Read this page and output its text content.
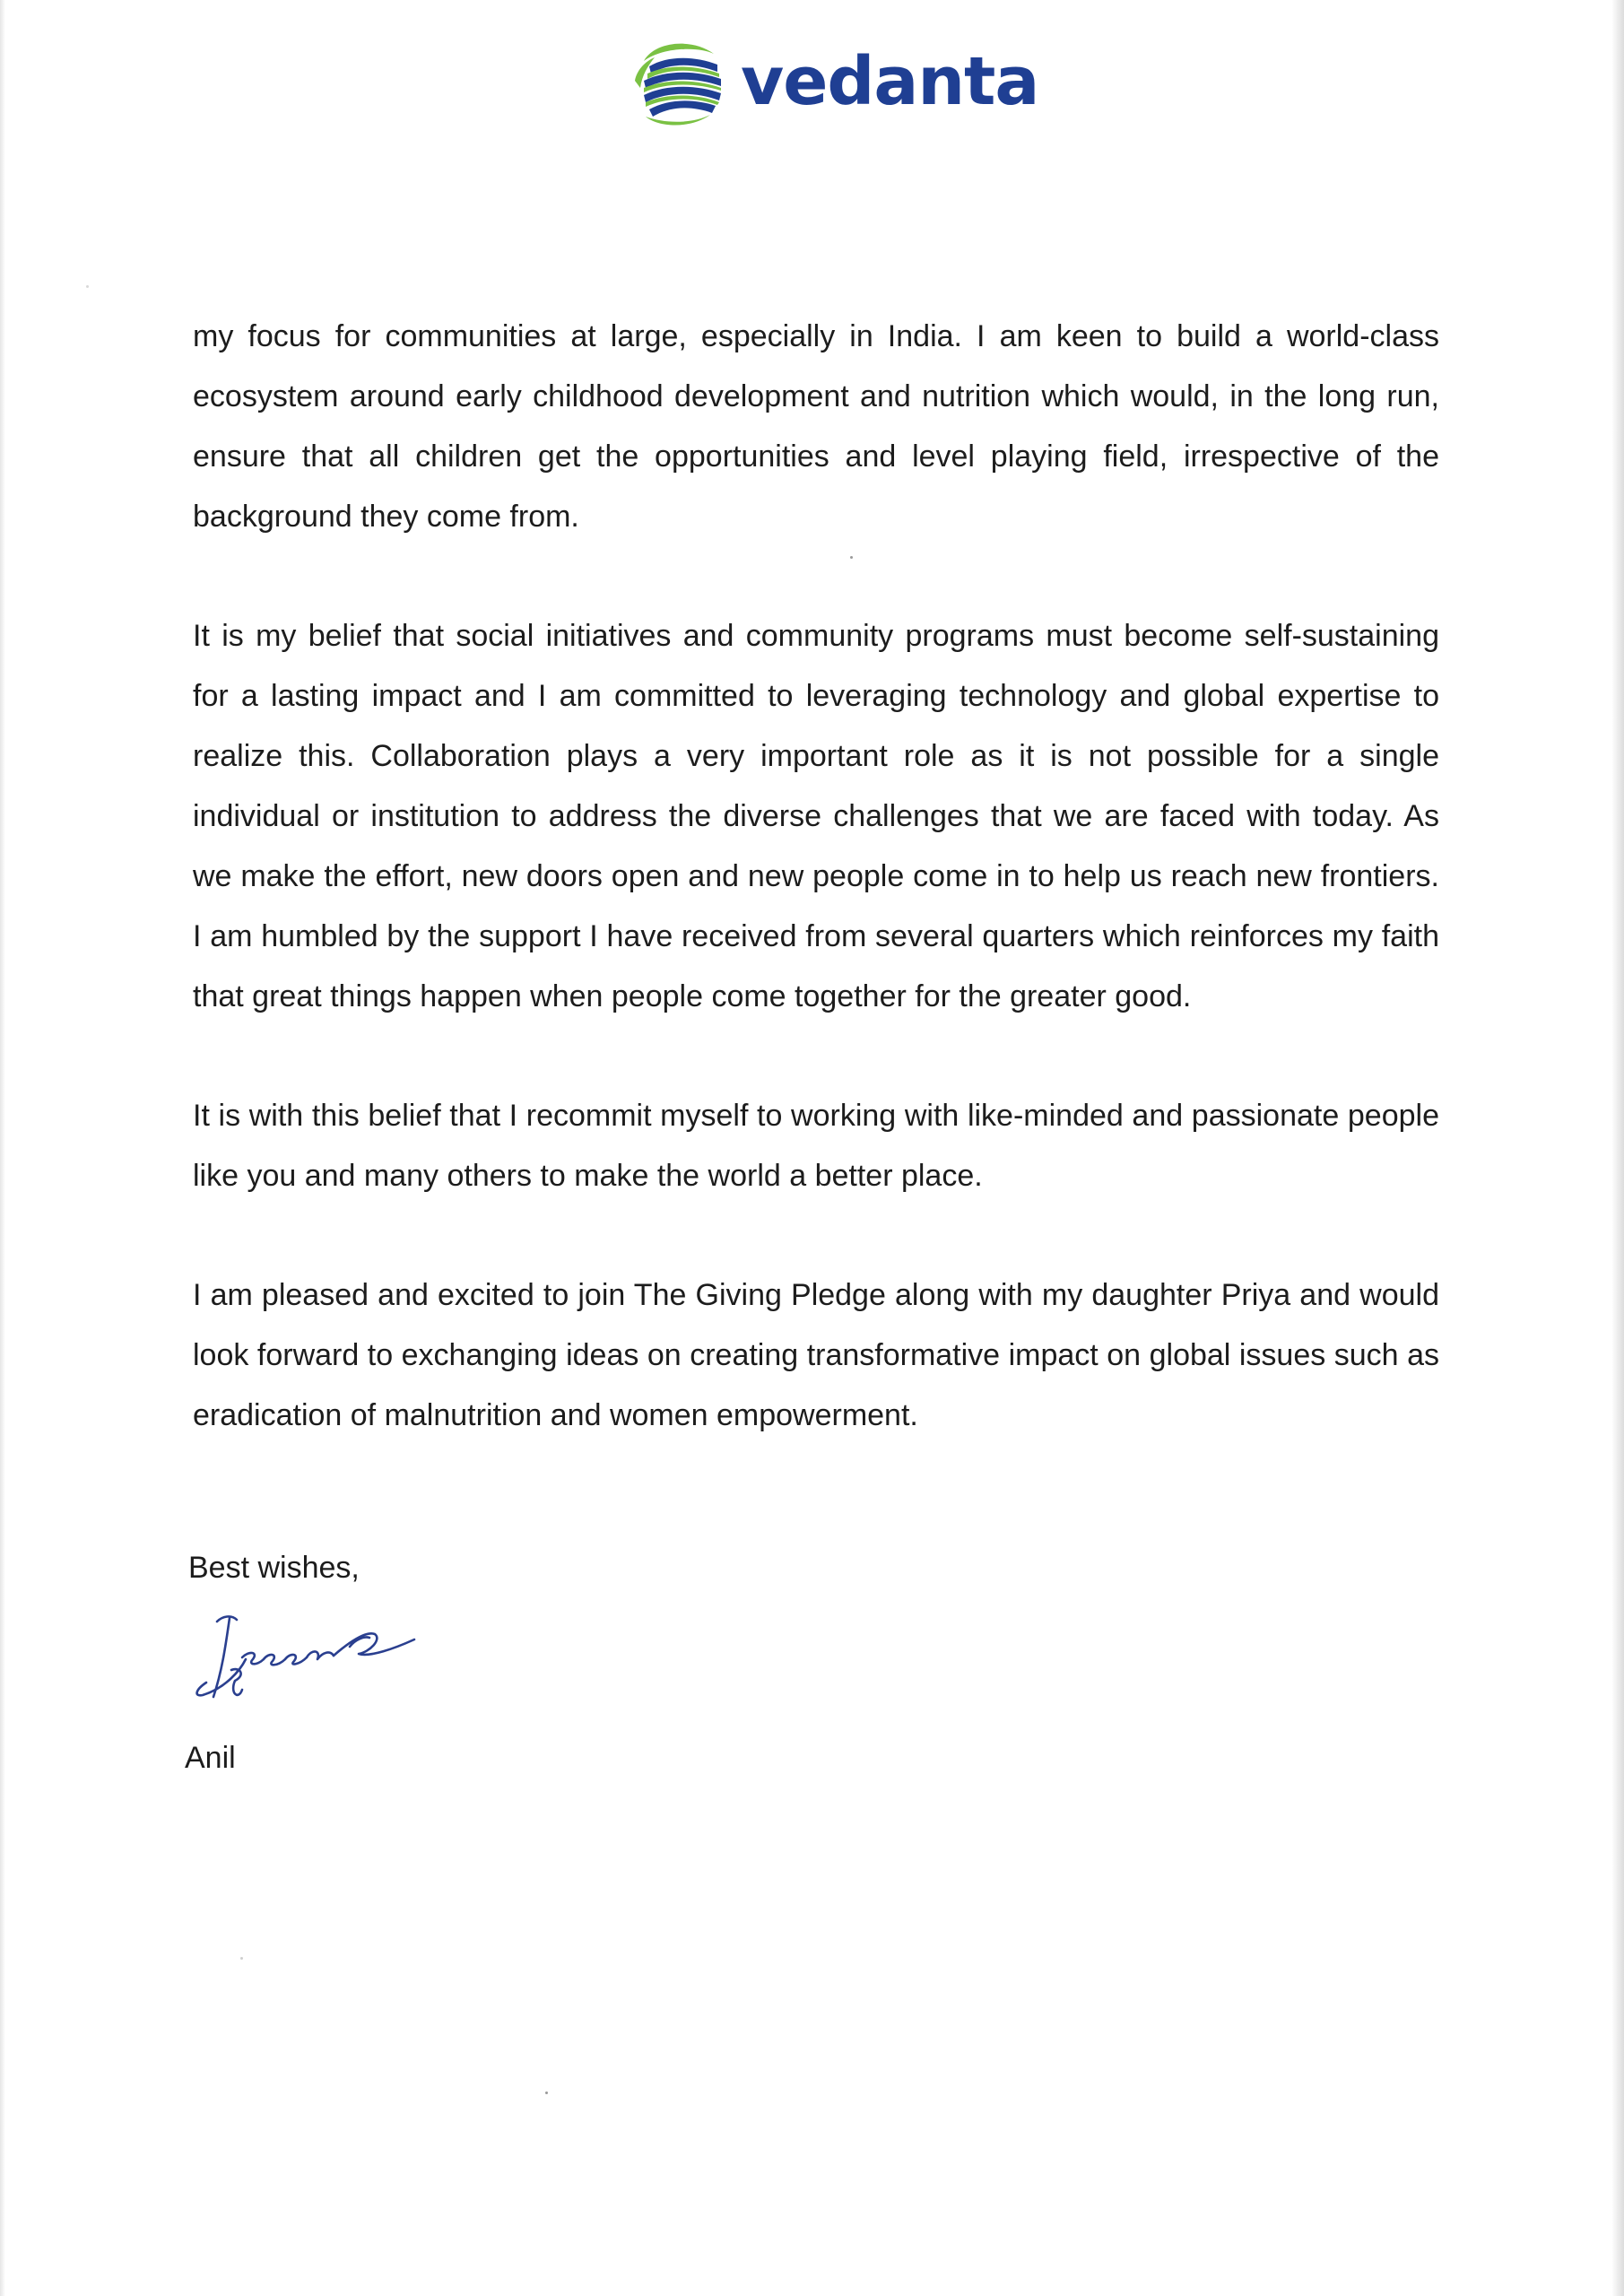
vedanta

my focus for communities at large, especially in India. I am keen to build a world-class ecosystem around early childhood development and nutrition which would, in the long run, ensure that all children get the opportunities and level playing field, irrespective of the background they come from.

It is my belief that social initiatives and community programs must become self-sustaining for a lasting impact and I am committed to leveraging technology and global expertise to realize this. Collaboration plays a very important role as it is not possible for a single individual or institution to address the diverse challenges that we are faced with today. As we make the effort, new doors open and new people come in to help us reach new frontiers. I am humbled by the support I have received from several quarters which reinforces my faith that great things happen when people come together for the greater good.

It is with this belief that I recommit myself to working with like-minded and passionate people like you and many others to make the world a better place.

I am pleased and excited to join The Giving Pledge along with my daughter Priya and would look forward to exchanging ideas on creating transformative impact on global issues such as eradication of malnutrition and women empowerment.

Best wishes,
Anil
